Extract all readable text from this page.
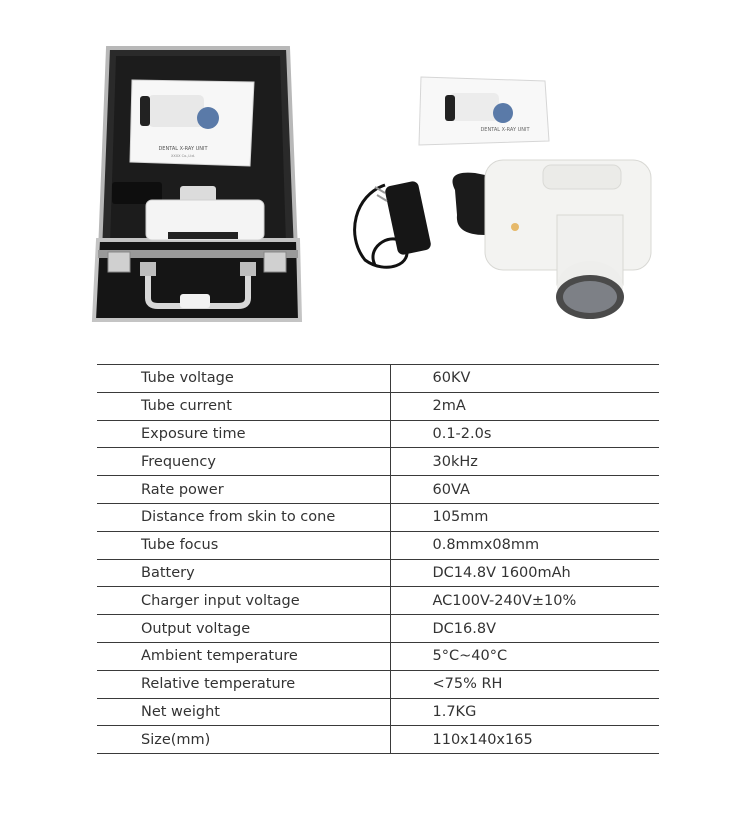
DENTAL X-RAY UNIT
XXXX Co.,Ltd.
DENTAL X-RAY UNIT
Tube voltage	60KV
Tube current	2mA
Exposure time	0.1-2.0s
Frequency	30kHz
Rate power	60VA
Distance from skin to cone	105mm
Tube focus	0.8mmx08mm
Battery	DC14.8V 1600mAh
Charger input voltage	AC100V-240V±10%
Output voltage	DC16.8V
Ambient temperature	5°C~40°C
Relative temperature	<75% RH
Net weight	1.7KG
Size(mm)	110x140x165
